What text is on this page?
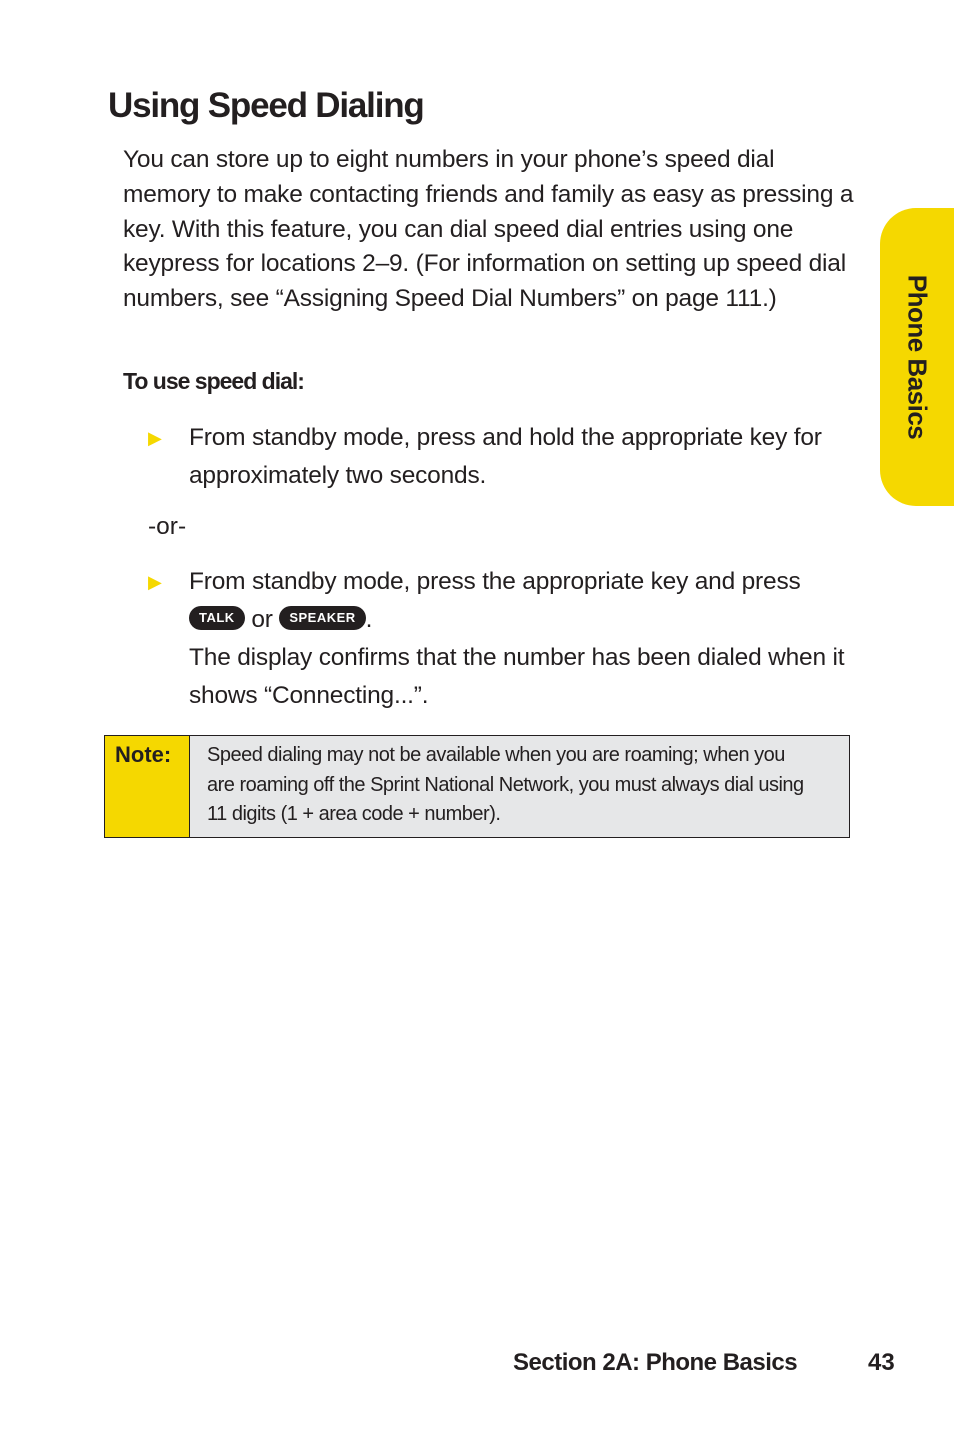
Using Speed Dialing

You can store up to eight numbers in your phone’s speed dial memory to make contacting friends and family as easy as pressing a key. With this feature, you can dial speed dial entries using one keypress for locations 2–9. (For information on setting up speed dial numbers, see “Assigning Speed Dial Numbers” on page 111.)

To use speed dial:

▶ From standby mode, press and hold the appropriate key for approximately two seconds.
-or-
▶ From standby mode, press the appropriate key and press
TALK or SPEAKER .
The display confirms that the number has been dialed when it shows “Connecting...”.
Note:	Speed dialing may not be available when you are roaming; when you are roaming off the Sprint National Network, you must always dial using 11 digits (1 + area code + number).
Phone Basics
Section 2A: Phone Basics	43
